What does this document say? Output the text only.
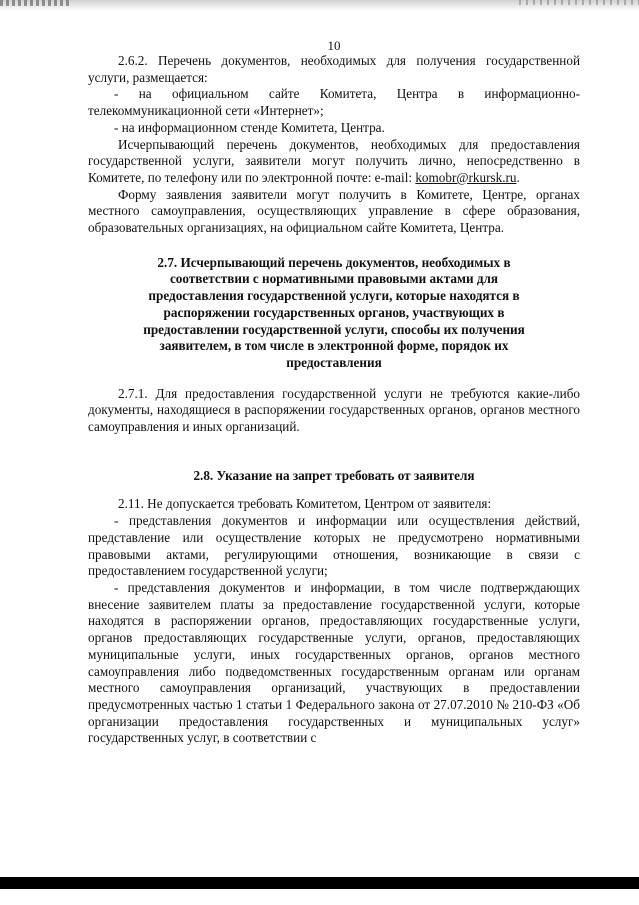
10

2.6.2. Перечень документов, необходимых для получения государственной услуги, размещается:

- на официальном сайте Комитета, Центра в информационно-телекоммуникационной сети «Интернет»;

- на информационном стенде Комитета, Центра.

Исчерпывающий перечень документов, необходимых для предоставления государственной услуги, заявители могут получить лично, непосредственно в Комитете, по телефону или по электронной почте: e-mail: komobr@rkursk.ru.

Форму заявления заявители могут получить в Комитете, Центре, органах местного самоуправления, осуществляющих управление в сфере образования, образовательных организациях, на официальном сайте Комитета, Центра.

2.7. Исчерпывающий перечень документов, необходимых в соответствии с нормативными правовыми актами для предоставления государственной услуги, которые находятся в распоряжении государственных органов, участвующих в предоставлении государственной услуги, способы их получения заявителем, в том числе в электронной форме, порядок их предоставления

2.7.1. Для предоставления государственной услуги не требуются какие-либо документы, находящиеся в распоряжении государственных органов, органов местного самоуправления и иных организаций.

2.8. Указание на запрет требовать от заявителя

2.11. Не допускается требовать Комитетом, Центром от заявителя:

- представления документов и информации или осуществления действий, представление или осуществление которых не предусмотрено нормативными правовыми актами, регулирующими отношения, возникающие в связи с предоставлением государственной услуги;

- представления документов и информации, в том числе подтверждающих внесение заявителем платы за предоставление государственной услуги, которые находятся в распоряжении органов, предоставляющих государственные услуги, органов предоставляющих государственные услуги, органов, предоставляющих муниципальные услуги, иных государственных органов, органов местного самоуправления либо подведомственных государственным органам или органам местного самоуправления организаций, участвующих в предоставлении предусмотренных частью 1 статьи 1 Федерального закона от 27.07.2010 № 210-ФЗ «Об организации предоставления государственных и муниципальных услуг» государственных услуг, в соответствии с
